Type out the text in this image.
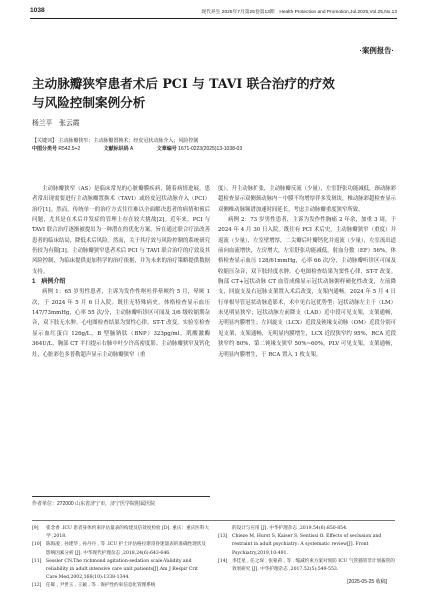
1038	现代养生 2025年7月第25卷第13期　Health Protection and Promotion,Jul.2025,Vol.25,No.13
·案例报告·
主动脉瓣狭窄患者术后 PCI 与 TAVI 联合治疗的疗效
与风险控制案例分析
杨兰平　张云霞
【关键词】 主动脉瓣狭窄；主动脉瓣置换术；经皮冠状动脉介入；风险控制
中图分类号 R542.5+2	文献标识码 A	文章编号 1671-0223(2025)13-1038-03

主动脉瓣狭窄（AS）是临床常见的心脏瓣膜疾病，随着病情进展，患者常出现需要进行主动脉瓣置换术（TAVI）或经皮冠状动脉介入（PCI）治疗[1]。然而，传统单一的治疗方式往往难以全面解决患者的病情和预后问题，尤其是在术后并发症的管理上存在较大挑战[2]。近年来，PCI 与 TAVI 联合治疗逐渐被提出为一种潜在的优化方案，旨在通过联合疗法改善患者的临床结局，降低术后风险。然而，关于其疗效与风险控制的系统研究仍较为有限[3]。主动脉瓣狭窄患者术后 PCI 与 TAVI 联合治疗的疗效及其风险控制，为临床提供更加科学的治疗依据，并为未来的治疗策略提供数据支持。

1　病例介绍

病例 1：65 岁男性患者，主诉为发作性呕吐伴晕厥约 5 月，晕厥 1 次，于 2024 年 5 月 6 日入院。既往无特殊病史。体格检查显示血压 147/73mmHg，心率 55 次/分，主动脉瓣听诊区可闻及 3/6 级收缩期杂音，双下肢无水肿。心电图检查结果为窦性心律，ST-T 改变。实验室检查显示血红蛋白 126g/L，B 型脑钠肽（BNP）323pg/ml，肌酸激酶 364U/L，胸部 CT 平扫提示右肺中叶少许高密度影。主动脉瓣狭窄及钙化灶，心脏彩色多普勒超声显示主动脉瓣狭窄（重

作者单位：272000 山东省济宁市，济宁医学院附属医院

度），升主动脉扩张，主动脉瓣反流（少量），左室舒张功能减低。颈动脉彩超检查显示双侧颈动脉内－中膜不均增厚伴多发斑块，椎动脉彩超检查显示双侧椎动脉频谱加速时间延长，考虑主动脉瓣重度狭窄所致。

病例 2：73 岁男性患者，主诉为发作性胸痛 2 年余，加重 3 周，于 2024 年 4 月 30 日入院。既往有 PCI 术后史，主动脉瓣狭窄（重度）并返流（少量），左室壁增厚，二尖瓣后叶瓣钙化并返流（少量），左室流出道前向血流增快，左房增大，左室舒张功能减低，射血分数（EF）56%。体格检查显示血压 128/61mmHg，心率 66 次/分，主动脉瓣听诊区可闻及收缩压杂音，双下肢轻度水肿。心电图检查结果为窦性心律，ST-T 改变。胸部 CT+冠状动脉 CT 血管成像显示冠状动脉粥样硬化性改变，左前降支、回旋支及右冠脉支架置入术后改变，支架内通畅。2024 年 5 月 4 日行单根导管冠状动脉造影术，术中见右冠优势型：冠状动脉左主干（LM）未见明显狭窄；冠状动脉左前降支（LAD）近中段可见支架，支架通畅，无明显内膜增生；左回旋支（LCX）近段及钝缘支动脉（OM）近段分别可见支架，支架通畅，无明显内膜增生，LCX 近段狭窄约 95%，RCA 近段狭窄约 80%，第二钝缘支狭窄 50%~60%，PLV 可见支架，支架通畅，无明显内膜增生，于 RCA 置入 1 枚支架。

[9]	崔念香 .ICU 患者身体约束评估量表的构建及信效度检验 [D]. 重庆：重庆医科大学 ,2018.
[10] 陈海凌 , 孙建华 , 孙丹丹 , 等 .ICU 护士评估格拉斯哥昏迷量表的准确性现状及影响因素分析 [J]. 中华现代护理杂志 ,2018,24(6):643-646.
[11] Sessler CN.The richmond agitation-sedation scale:Validity and reliability in adult intensive care unit patients[J].Am J Respir Crit Care Med,2002,166(10):1338-1344.
[12] 任晖 , 尹世玉 , 王颖 , 等 . 保护性约束信息化管理系统
的设计与应用 [J]. 中华护理杂志 ,2019,54(6):850-854.
[13] Chieze M, Hurst S, Kaiser S, Sentissi O. Effects of seclusion and restraint in adult psychiatry: A systematic review[J]. Front Psychiatry,2019,10:491.
[14] 李佳星 , 任之琛 , 张蒙莉 , 等 . 缩减约束方案对预防 ICU 气管插管非计划拔管的效果研究 [J]. 中华护理杂志 ,2017,52(5):549-553.
[2025-05-25 收稿]
